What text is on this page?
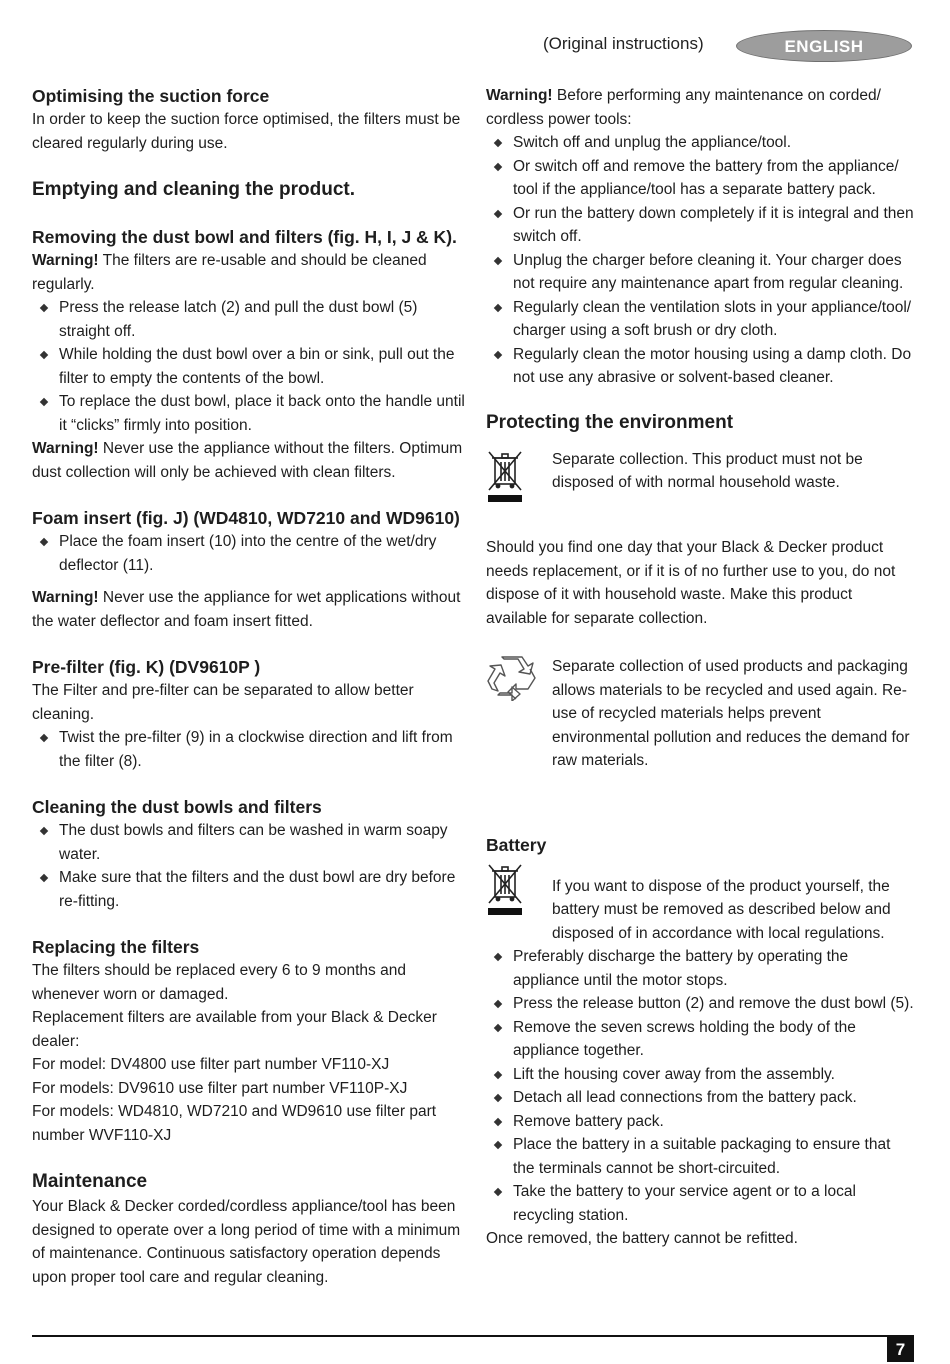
(Original instructions)	ENGLISH
Optimising the suction force

In order to keep the suction force optimised, the filters must be cleared regularly during use.

Emptying and cleaning the product.
Removing the dust bowl and filters (fig. H, I, J & K).

Warning! The filters are re-usable and should be cleaned regularly.

Press the release latch (2) and pull the dust bowl (5) straight off.
While holding the dust bowl over a bin or sink, pull out the filter to empty the contents of the bowl.
To replace the dust bowl, place it back onto the handle until it “clicks” firmly into position.

Warning! Never use the appliance without the filters. Optimum dust collection will only be achieved with clean filters.

Foam insert (fig. J) (WD4810, WD7210 and WD9610)
Place the foam insert (10) into the centre of the wet/dry deflector (11).

Warning! Never use the appliance for wet applications without the water deflector and foam insert fitted.

Pre-filter (fig. K) (DV9610P )

The Filter and pre-filter can be separated to allow better cleaning.

Twist the pre-filter (9) in a clockwise direction and lift from the filter (8).
Cleaning the dust bowls and filters
The dust bowls and filters can be washed in warm soapy water.
Make sure that the filters and the dust bowl are dry before re-fitting.
Replacing the filters

The filters should be replaced every 6 to 9 months and whenever worn or damaged.

Replacement filters are available from your Black & Decker dealer:

For model: DV4800 use filter part number VF110-XJ

For models: DV9610 use filter part number VF110P-XJ

For models: WD4810, WD7210 and WD9610 use filter part number WVF110-XJ

Maintenance

Your Black & Decker corded/cordless appliance/tool has been designed to operate over a long period of time with a minimum of maintenance. Continuous satisfactory operation depends upon proper tool care and regular cleaning.

Warning! Before performing any maintenance on corded/ cordless power tools:

Switch off and unplug the appliance/tool.
Or switch off and remove the battery from the appliance/ tool if the appliance/tool has a separate battery pack.
Or run the battery down completely if it is integral and then switch off.
Unplug the charger before cleaning it. Your charger does not require any maintenance apart from regular cleaning.
Regularly clean the ventilation slots in your appliance/tool/ charger using a soft brush or dry cloth.
Regularly clean the motor housing using a damp cloth. Do not use any abrasive or solvent-based cleaner.
Protecting the environment
Separate collection. This product must not be disposed of with normal household waste.

Should you find one day that your Black & Decker product needs replacement, or if it is of no further use to you, do not dispose of it with household waste. Make this product available for separate collection.

Separate collection of used products and packaging allows materials to be recycled and used again. Re-use of recycled materials helps prevent environmental pollution and reduces the demand for raw materials.
Battery
If you want to dispose of the product yourself, the battery must be removed as described below and disposed of in accordance with local regulations.
Preferably discharge the battery by operating the appliance until the motor stops.
Press the release button (2) and remove the dust bowl (5).
Remove the seven screws holding the body of the appliance together.
Lift the housing cover away from the assembly.
Detach all lead connections from the battery pack.
Remove battery pack.
Place the battery in a suitable packaging to ensure that the terminals cannot be short-circuited.
Take the battery to your service agent or to a local recycling station.

Once removed, the battery cannot be refitted.

7
